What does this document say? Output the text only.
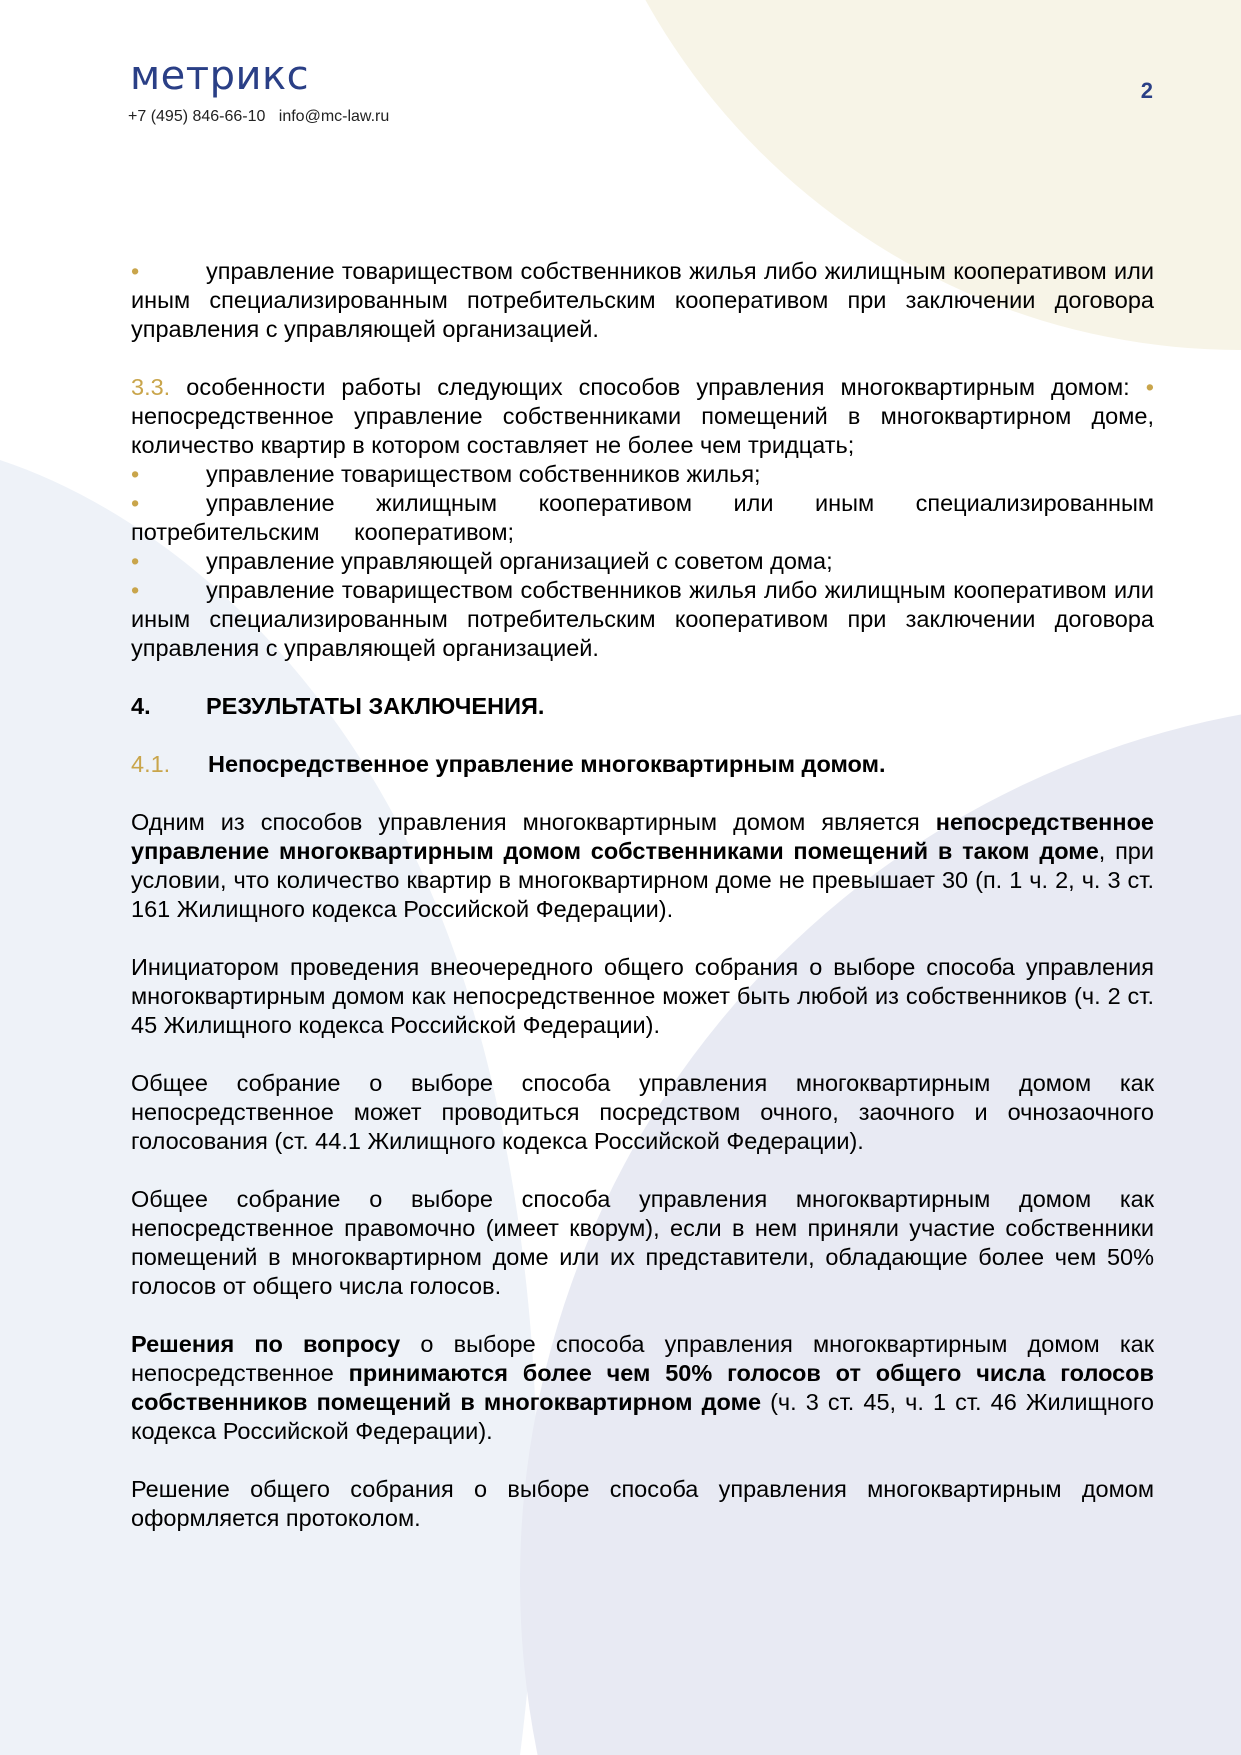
метрикс
+7 (495) 846-66-10 info@mc-law.ru
2

•	управление товариществом собственников жилья либо жилищным кооперативом или иным специализированным потребительским кооперативом при заключении договора управления с управляющей организацией.

3.3. особенности работы следующих способов управления многоквартирным домом: • непосредственное управление собственниками помещений в многоквартирном доме, количество квартир в котором составляет не более чем тридцать;

•	управление товариществом собственников жилья;

•	управление жилищным кооперативом или иным специализированным потребительским кооперативом;

•	управление управляющей организацией с советом дома;

•	управление товариществом собственников жилья либо жилищным кооперативом или иным специализированным потребительским кооперативом при заключении договора управления с управляющей организацией.

4. РЕЗУЛЬТАТЫ ЗАКЛЮЧЕНИЯ.

4.1. Непосредственное управление многоквартирным домом.

Одним из способов управления многоквартирным домом является непосредственное управление многоквартирным домом собственниками помещений в таком доме, при условии, что количество квартир в многоквартирном доме не превышает 30 (п. 1 ч. 2, ч. 3 ст. 161 Жилищного кодекса Российской Федерации).

Инициатором проведения внеочередного общего собрания о выборе способа управления многоквартирным домом как непосредственное может быть любой из собственников (ч. 2 ст. 45 Жилищного кодекса Российской Федерации).

Общее собрание о выборе способа управления многоквартирным домом как непосредственное может проводиться посредством очного, заочного и очнозаочного голосования (ст. 44.1 Жилищного кодекса Российской Федерации).

Общее собрание о выборе способа управления многоквартирным домом как непосредственное правомочно (имеет кворум), если в нем приняли участие собственники помещений в многоквартирном доме или их представители, обладающие более чем 50% голосов от общего числа голосов.

Решения по вопросу о выборе способа управления многоквартирным домом как непосредственное принимаются более чем 50% голосов от общего числа голосов собственников помещений в многоквартирном доме (ч. 3 ст. 45, ч. 1 ст. 46 Жилищного кодекса Российской Федерации).

Решение общего собрания о выборе способа управления многоквартирным домом оформляется протоколом.
